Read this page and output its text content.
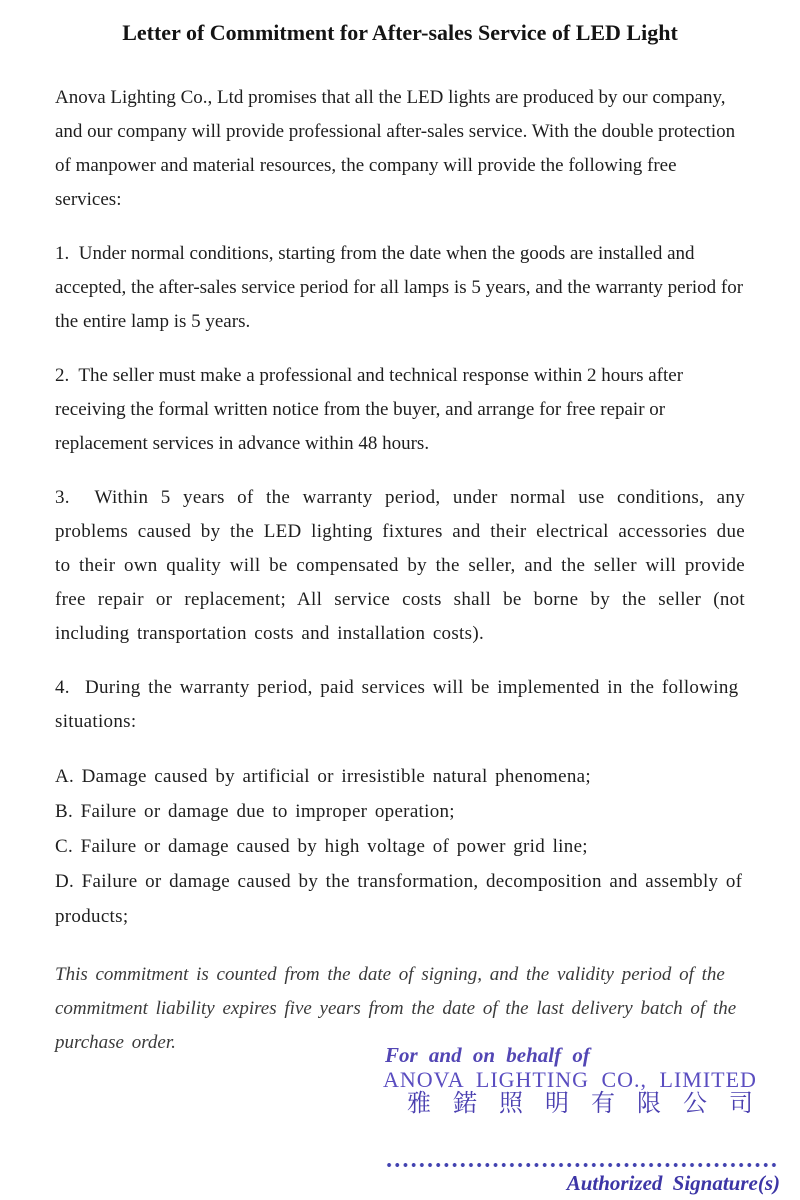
Letter of Commitment for After-sales Service of LED Light

Anova Lighting Co., Ltd promises that all the LED lights are produced by our company, and our company will provide professional after-sales service. With the double protection of manpower and material resources, the company will provide the following free services:

1.  Under normal conditions, starting from the date when the goods are installed and accepted, the after-sales service period for all lamps is 5 years, and the warranty period for the entire lamp is 5 years.

2.  The seller must make a professional and technical response within 2 hours after receiving the formal written notice from the buyer, and arrange for free repair or replacement services in advance within 48 hours.

3.  Within 5 years of the warranty period, under normal use conditions, any problems caused by the LED lighting fixtures and their electrical accessories due to their own quality will be compensated by the seller, and the seller will provide free repair or replacement; All service costs shall be borne by the seller (not including transportation costs and installation costs).

4.  During the warranty period, paid services will be implemented in the following situations:

A. Damage caused by artificial or irresistible natural phenomena;

B. Failure or damage due to improper operation;

C. Failure or damage caused by high voltage of power grid line;

D. Failure or damage caused by the transformation, decomposition and assembly of products;

This commitment is counted from the date of signing, and the validity period of the commitment liability expires five years from the date of the last delivery batch of the purchase order.

For and on behalf of
ANOVA LIGHTING CO., LIMITED
雅鍩照明有限公司
Authorized Signature(s)
